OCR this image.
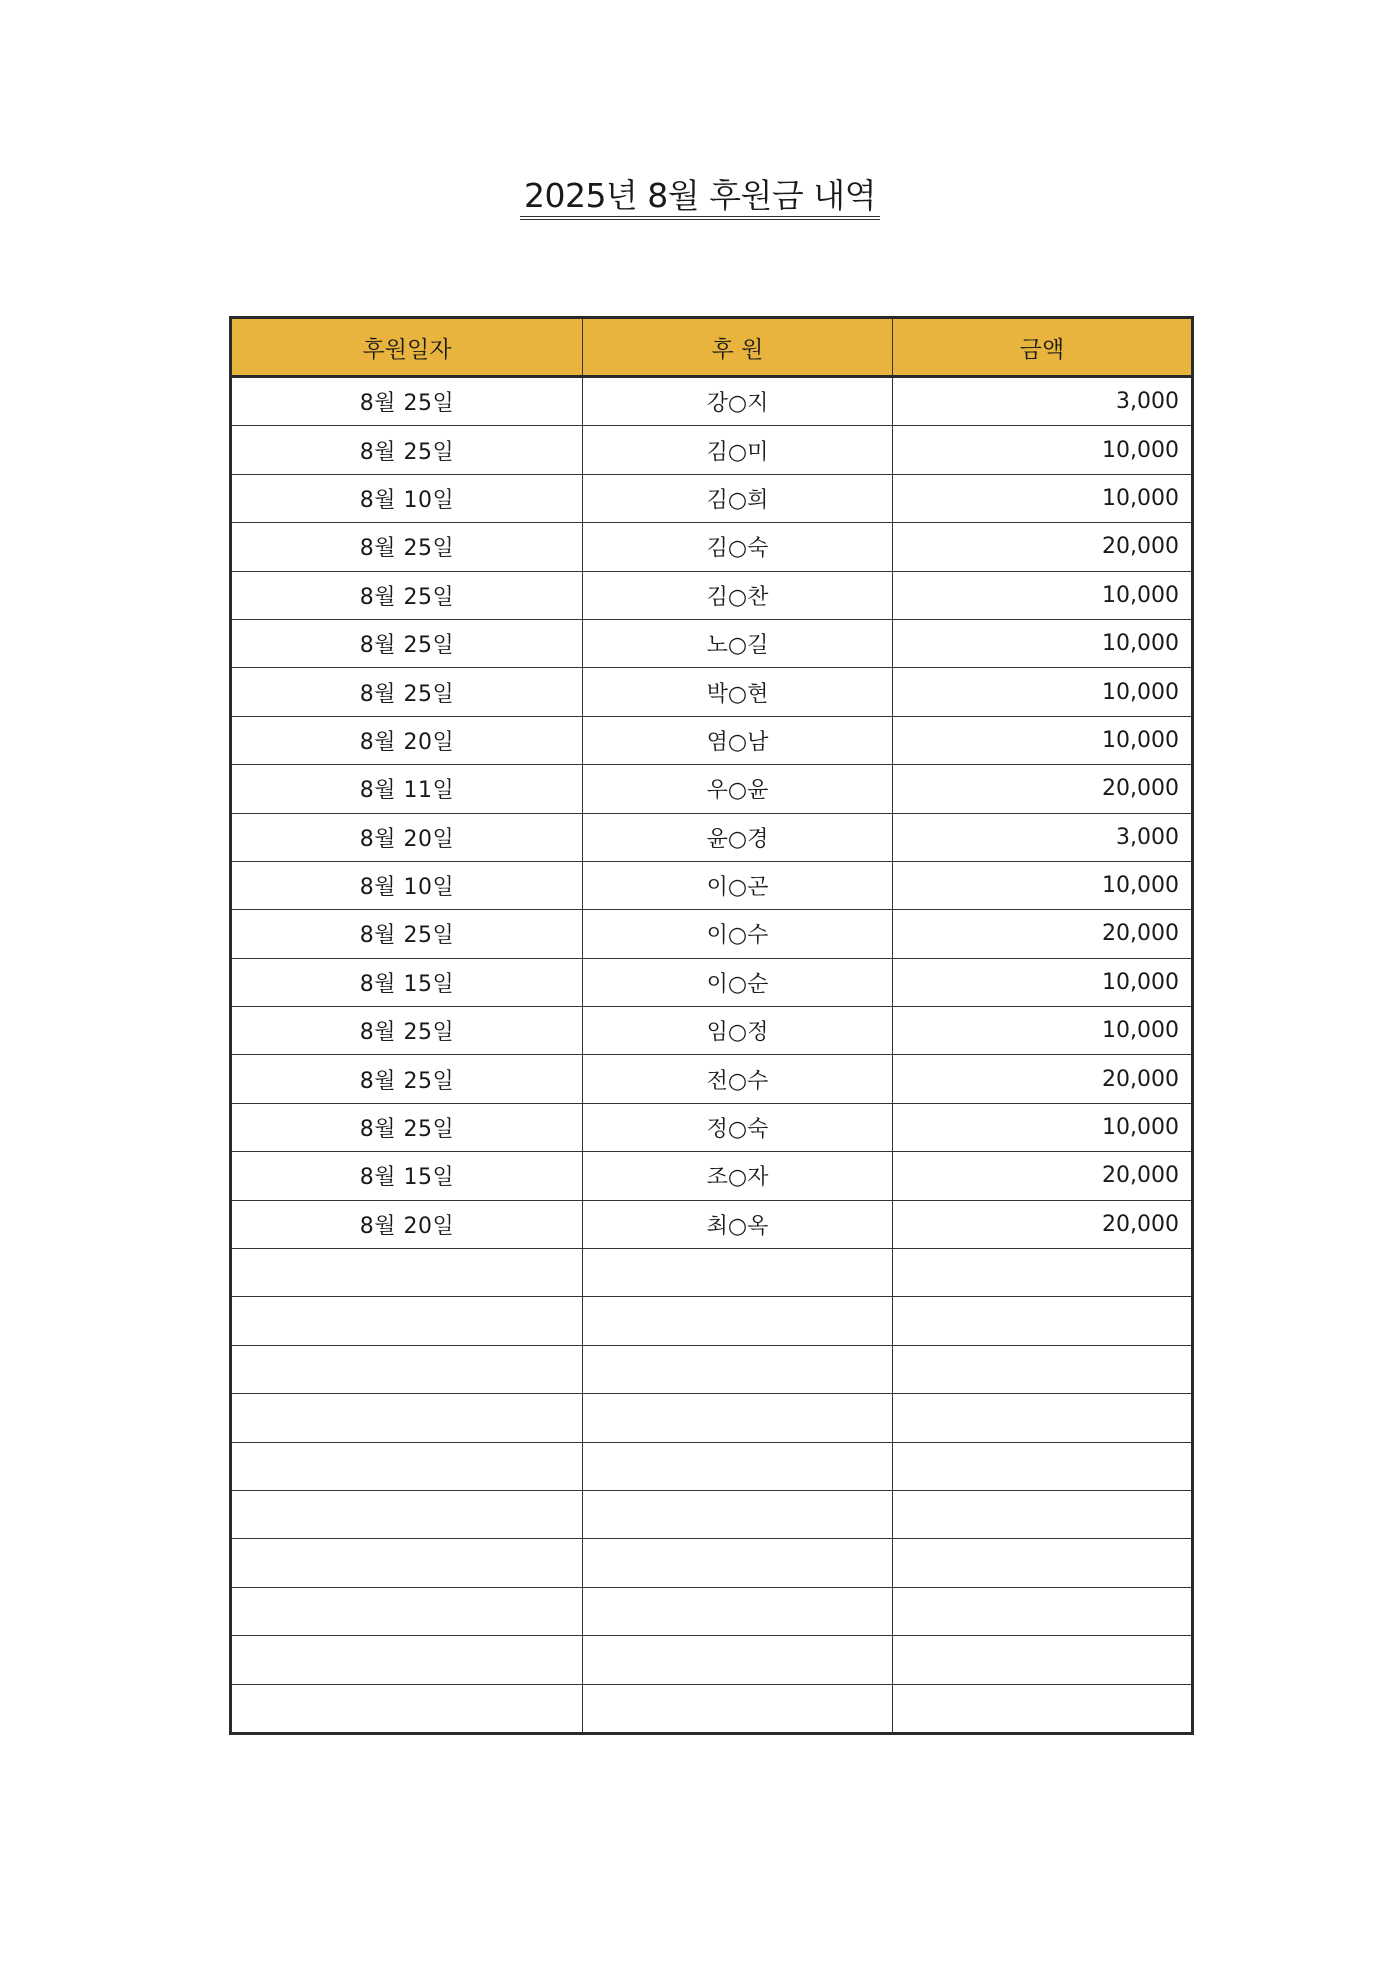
2025년 8월 후원금 내역
후원일자	후 원	금액
8월 25일	강○지	3,000
8월 25일	김○미	10,000
8월 10일	김○희	10,000
8월 25일	김○숙	20,000
8월 25일	김○찬	10,000
8월 25일	노○길	10,000
8월 25일	박○현	10,000
8월 20일	염○남	10,000
8월 11일	우○윤	20,000
8월 20일	윤○경	3,000
8월 10일	이○곤	10,000
8월 25일	이○수	20,000
8월 15일	이○순	10,000
8월 25일	임○정	10,000
8월 25일	전○수	20,000
8월 25일	정○숙	10,000
8월 15일	조○자	20,000
8월 20일	최○옥	20,000
